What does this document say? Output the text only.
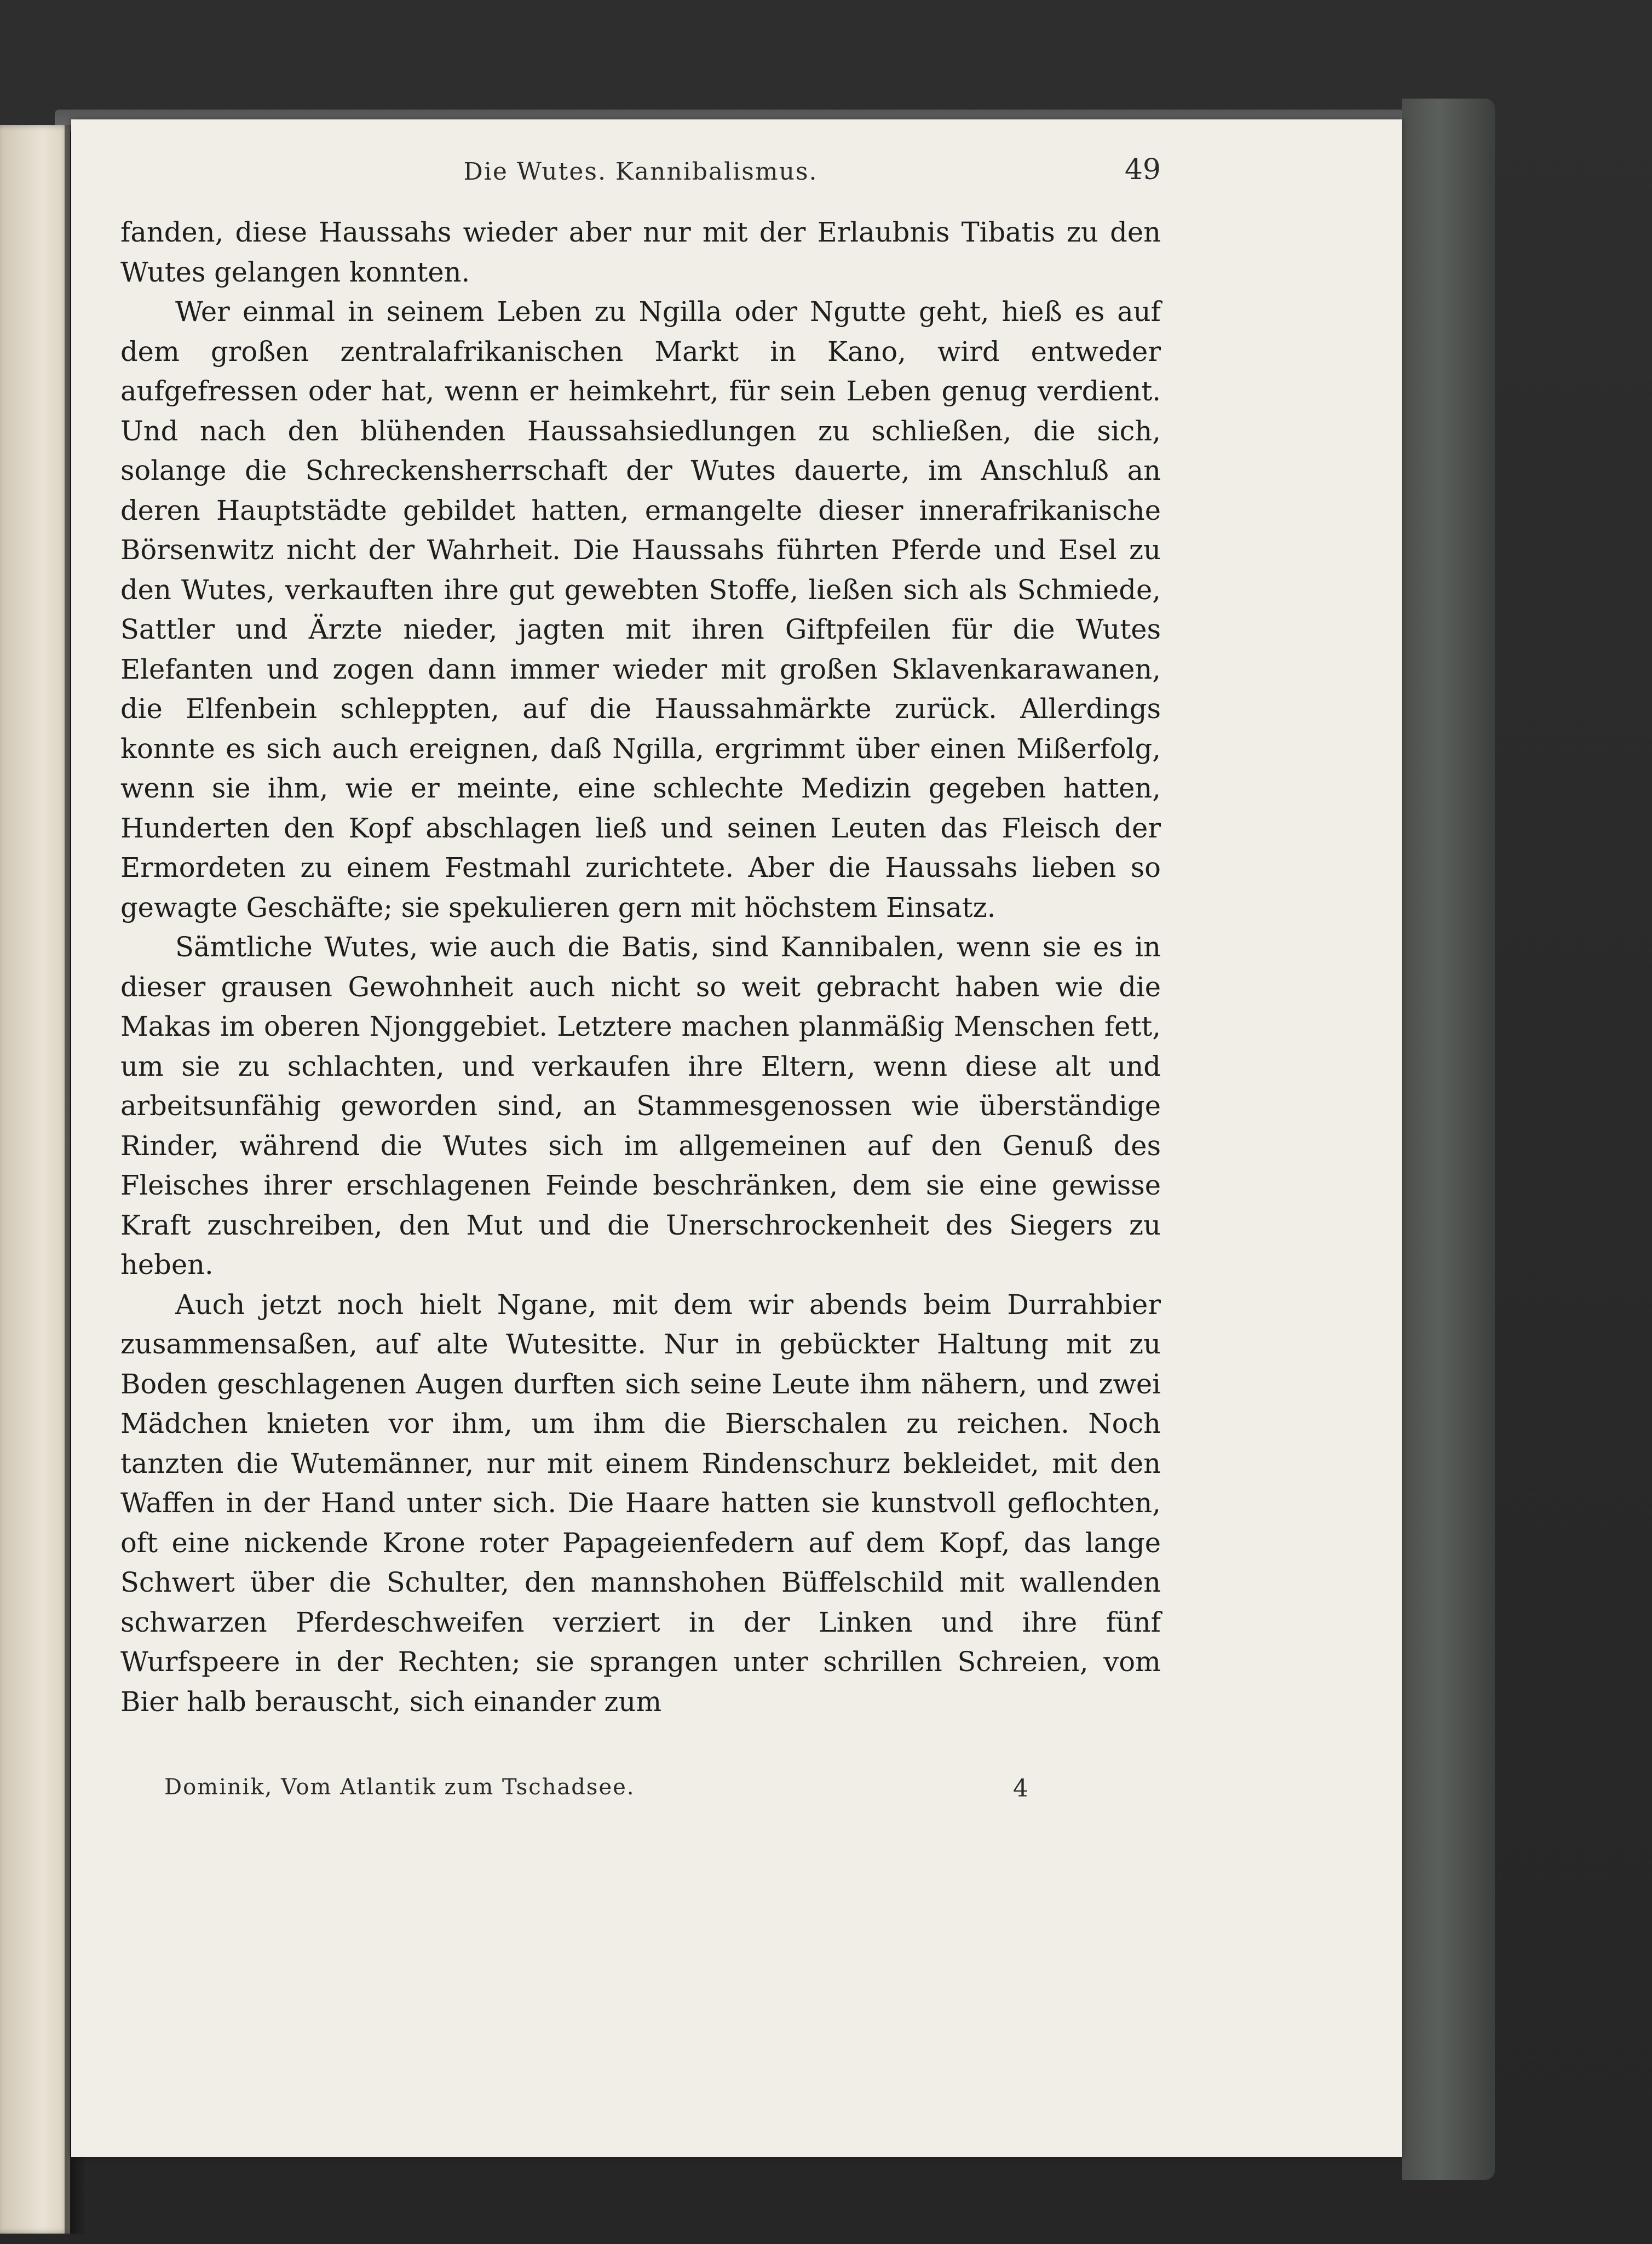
Die Wutes. Kannibalismus.	49

fanden, diese Haussahs wieder aber nur mit der Erlaubnis Tibatis zu den Wutes gelangen konnten.

Wer einmal in seinem Leben zu Ngilla oder Ngutte geht, hieß es auf dem großen zentralafrikanischen Markt in Kano, wird entweder aufgefressen oder hat, wenn er heimkehrt, für sein Leben genug verdient. Und nach den blühenden Haussahsiedlungen zu schließen, die sich, solange die Schreckensherrschaft der Wutes dauerte, im Anschluß an deren Hauptstädte gebildet hatten, ermangelte dieser innerafrikanische Börsenwitz nicht der Wahrheit. Die Haussahs führten Pferde und Esel zu den Wutes, verkauften ihre gut gewebten Stoffe, ließen sich als Schmiede, Sattler und Ärzte nieder, jagten mit ihren Giftpfeilen für die Wutes Elefanten und zogen dann immer wieder mit großen Sklavenkarawanen, die Elfenbein schleppten, auf die Haussahmärkte zurück. Allerdings konnte es sich auch ereignen, daß Ngilla, ergrimmt über einen Mißerfolg, wenn sie ihm, wie er meinte, eine schlechte Medizin gegeben hatten, Hunderten den Kopf abschlagen ließ und seinen Leuten das Fleisch der Ermordeten zu einem Festmahl zurichtete. Aber die Haussahs lieben so gewagte Geschäfte; sie spekulieren gern mit höchstem Einsatz.

Sämtliche Wutes, wie auch die Batis, sind Kannibalen, wenn sie es in dieser grausen Gewohnheit auch nicht so weit gebracht haben wie die Makas im oberen Njonggebiet. Letztere machen planmäßig Menschen fett, um sie zu schlachten, und verkaufen ihre Eltern, wenn diese alt und arbeitsunfähig geworden sind, an Stammesgenossen wie überständige Rinder, während die Wutes sich im allgemeinen auf den Genuß des Fleisches ihrer erschlagenen Feinde beschränken, dem sie eine gewisse Kraft zuschreiben, den Mut und die Unerschrockenheit des Siegers zu heben.

Auch jetzt noch hielt Ngane, mit dem wir abends beim Durrahbier zusammensaßen, auf alte Wutesitte. Nur in gebückter Haltung mit zu Boden geschlagenen Augen durften sich seine Leute ihm nähern, und zwei Mädchen knieten vor ihm, um ihm die Bierschalen zu reichen. Noch tanzten die Wutemänner, nur mit einem Rindenschurz bekleidet, mit den Waffen in der Hand unter sich. Die Haare hatten sie kunstvoll geflochten, oft eine nickende Krone roter Papageienfedern auf dem Kopf, das lange Schwert über die Schulter, den mannshohen Büffelschild mit wallenden schwarzen Pferdeschweifen verziert in der Linken und ihre fünf Wurfspeere in der Rechten; sie sprangen unter schrillen Schreien, vom Bier halb berauscht, sich einander zum

Dominik, Vom Atlantik zum Tschadsee.	4
